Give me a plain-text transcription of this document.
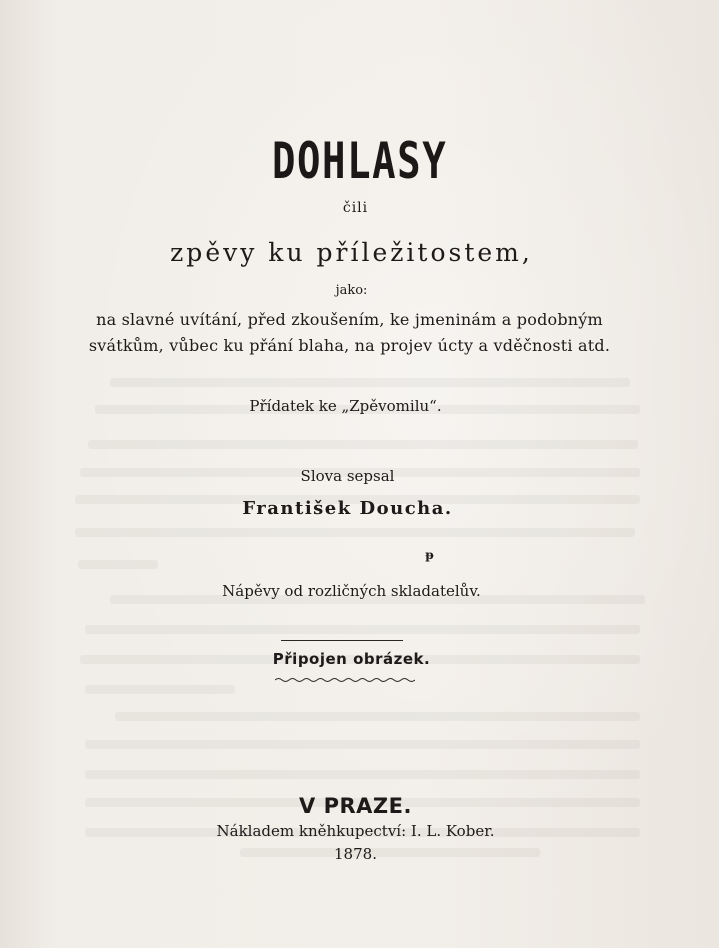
DOHLASY
čili
zpěvy ku příležitostem,
jako:
na slavné uvítání, před zkoušením, ke jmeninám a podobným
svátkům, vůbec ku přání blaha, na projev úcty a vděčnosti atd.
Přídatek ke „Zpěvomilu“.
Slova sepsal
František Doucha.
ᵽ
Nápěvy od rozličných skladatelův.
Připojen obrázek.
V PRAZE.
Nákladem kněhkupectví: I. L. Kober.
1878.
